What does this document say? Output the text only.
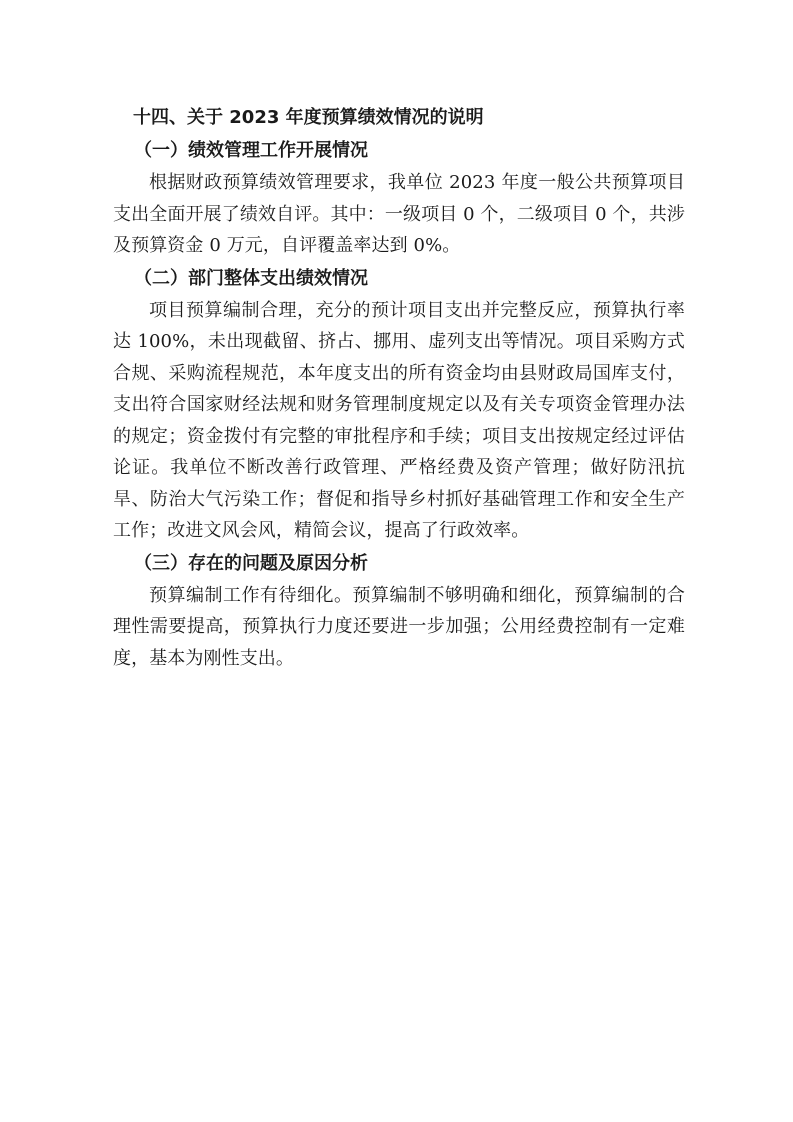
十四、关于 2023 年度预算绩效情况的说明
（一）绩效管理工作开展情况

根据财政预算绩效管理要求，我单位 2023 年度一般公共预算项目支出全面开展了绩效自评。其中：一级项目 0 个，二级项目 0 个，共涉及预算资金 0 万元，自评覆盖率达到 0%。

（二）部门整体支出绩效情况

项目预算编制合理，充分的预计项目支出并完整反应，预算执行率达 100%，未出现截留、挤占、挪用、虚列支出等情况。项目采购方式合规、采购流程规范，本年度支出的所有资金均由县财政局国库支付，支出符合国家财经法规和财务管理制度规定以及有关专项资金管理办法的规定；资金拨付有完整的审批程序和手续；项目支出按规定经过评估论证。我单位不断改善行政管理、严格经费及资产管理；做好防汛抗旱、防治大气污染工作；督促和指导乡村抓好基础管理工作和安全生产工作；改进文风会风，精简会议，提高了行政效率。

（三）存在的问题及原因分析

预算编制工作有待细化。预算编制不够明确和细化，预算编制的合理性需要提高，预算执行力度还要进一步加强；公用经费控制有一定难度，基本为刚性支出。
